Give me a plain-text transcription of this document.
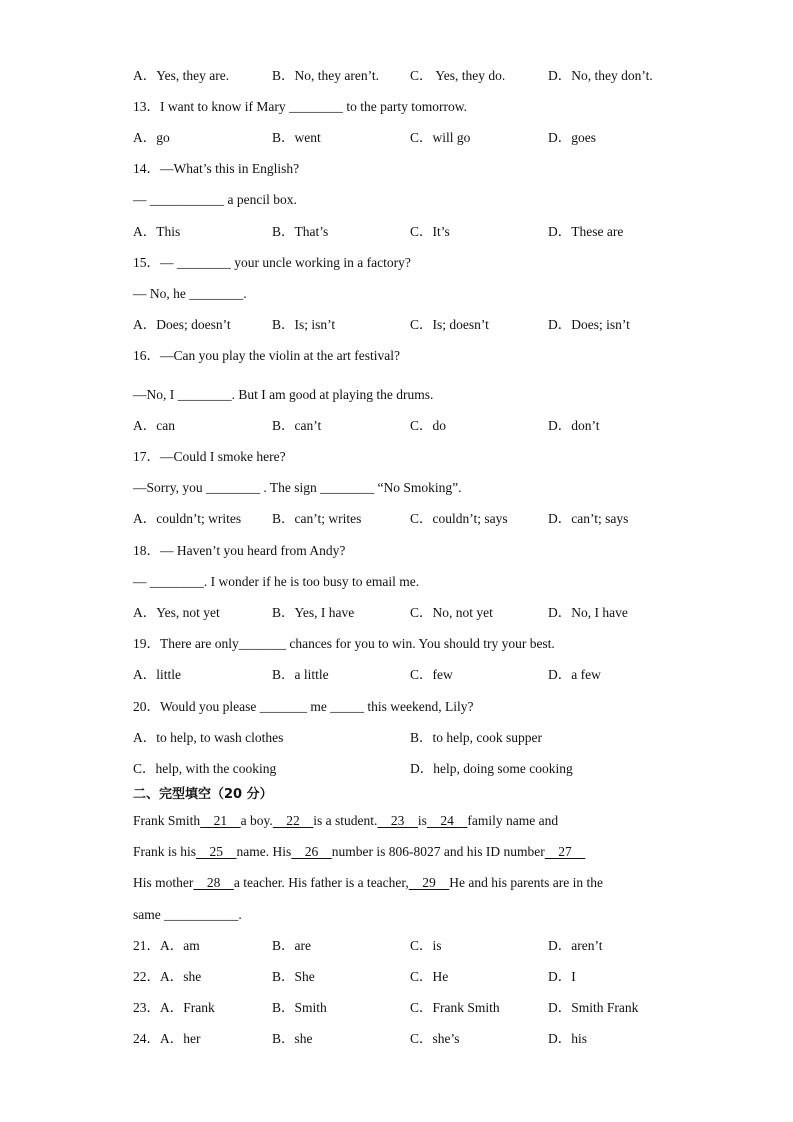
A．Yes, they are.	B．No, they aren’t. C． Yes, they do.	D．No, they don’t.
13．I want to know if Mary ________ to the party tomorrow.
A．go	B．went	C．will go	D．goes
14．—What’s this in English?
— ___________ a pencil box.
A．This	B．That’s	C．It’s	D．These are
15．— ________ your uncle working in a factory?
— No, he ________.
A．Does; doesn’t	B．Is; isn’t	C．Is; doesn’t	D．Does; isn’t
16．—Can you play the violin at the art festival?
—No, I ________. But I am good at playing the drums.
A．can	B．can’t	C．do	D．don’t
17．—Could I smoke here?
—Sorry, you ________ . The sign ________ “No Smoking”.
A．couldn’t; writes B．can’t; writes	C．couldn’t; says	D．can’t; says
18．— Haven’t you heard from Andy?
— ________. I wonder if he is too busy to email me.
A．Yes, not yet	B．Yes, I have	C．No, not yet	D．No, I have
19．There are only_______ chances for you to win. You should try your best.
A．little	B．a little	C．few	D．a few
20．Would you please _______ me _____ this weekend, Lily?
A．to help, to wash clothes	B．to help, cook supper
C．help, with the cooking	D．help, doing some cooking
二、完型填空（20 分）
Frank Smith    21    a boy.    22    is a student.    23    is    24    family name and
Frank is his    25    name. His    26    number is 806-8027 and his ID number    27
His mother    28    a teacher. His father is a teacher,    29    He and his parents are in the
same ___________.
21．A．am	B．are	C．is	D．aren’t
22．A．she	B．She	C．He	D．I
23．A．Frank	B．Smith	C．Frank Smith	D．Smith Frank
24．A．her	B．she	C．she’s	D．his
